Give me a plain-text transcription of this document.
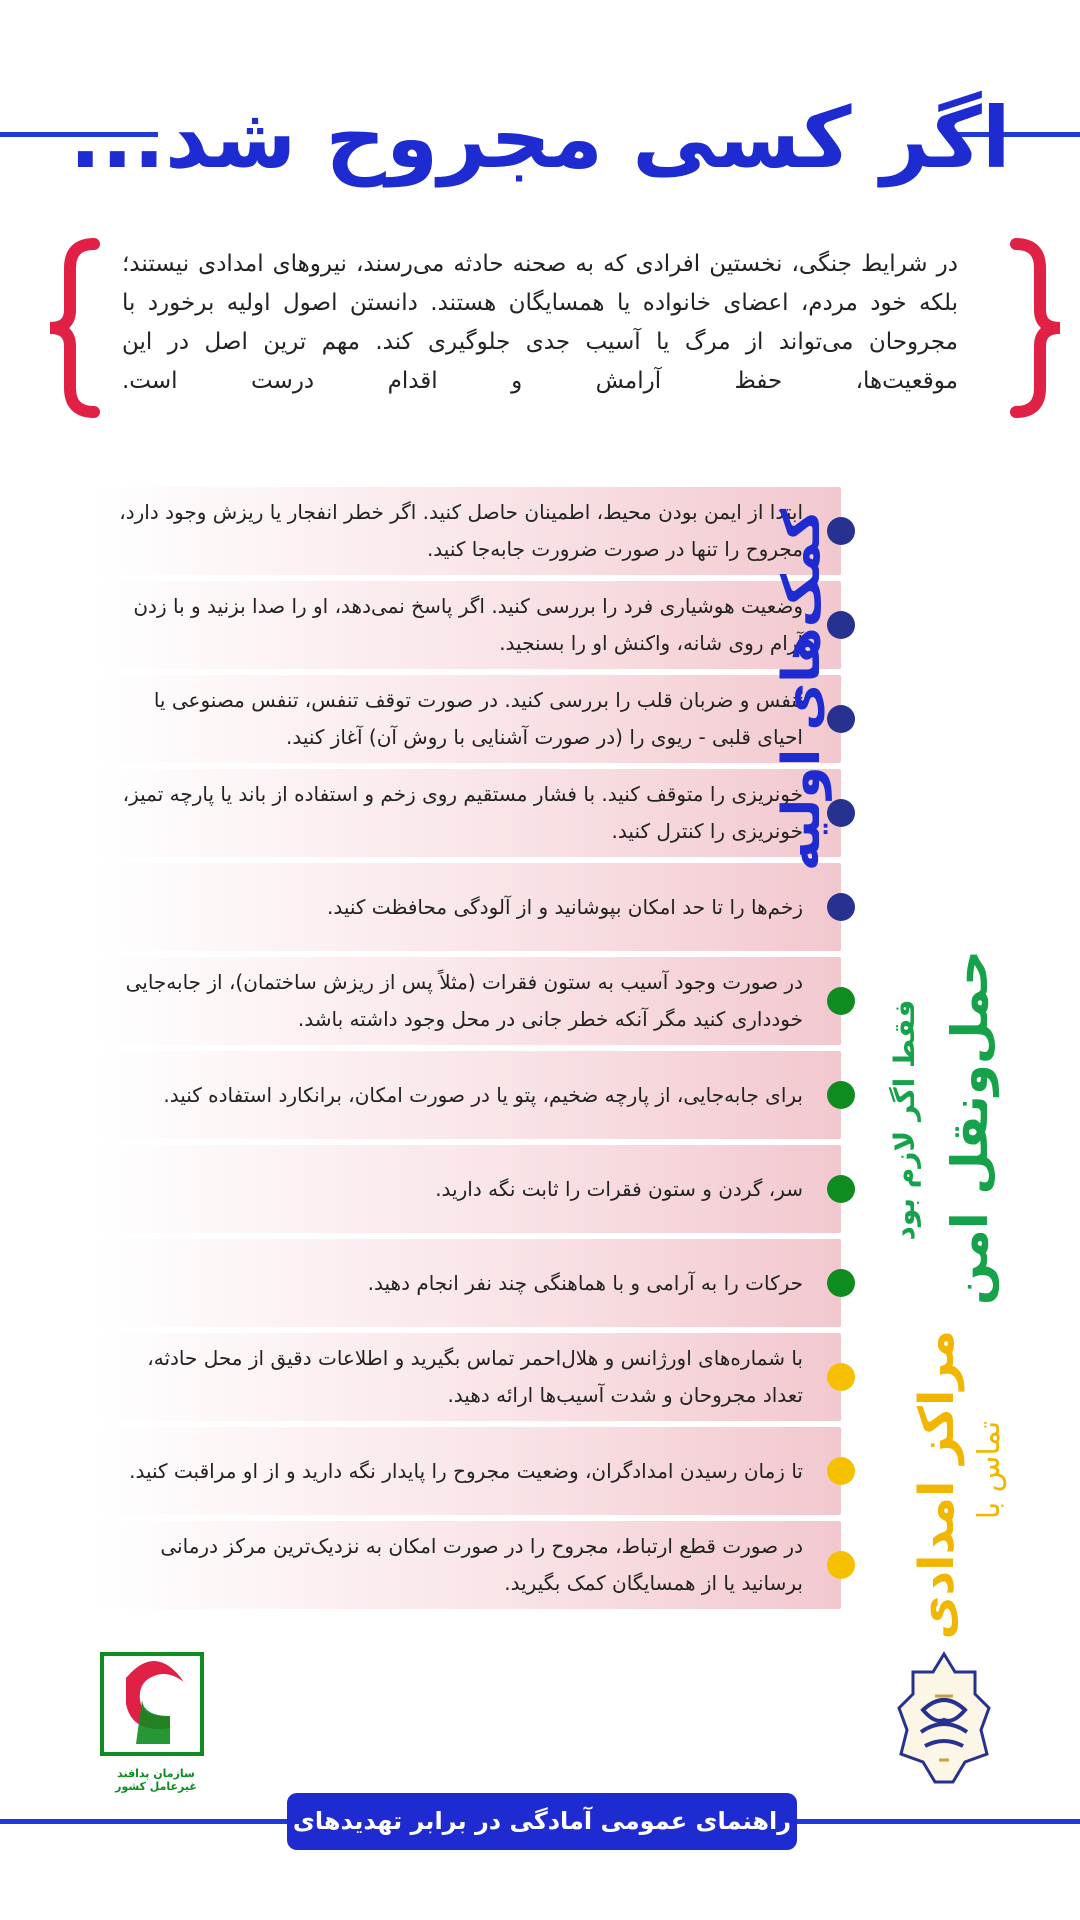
اگر کسی مجروح شد...
در شرایط جنگی، نخستین افرادی که به صحنه حادثه می‌رسند، نیروهای امدادی نیستند؛ بلکه خود مردم، اعضای خانواده یا همسایگان هستند. دانستن اصول اولیه برخورد با مجروحان می‌تواند از مرگ یا آسیب جدی جلوگیری کند. مهم ترین اصل در این موقعیت‌ها، حفظ آرامش و اقدام درست است.
ابتدا از ایمن بودن محیط، اطمینان حاصل کنید. اگر خطر انفجار یا ریزش وجود دارد، مجروح را تنها در صورت ضرورت جابه‌جا کنید.
وضعیت هوشیاری فرد را بررسی کنید. اگر پاسخ نمی‌دهد، او را صدا بزنید و با زدن آرام روی شانه، واکنش او را بسنجید.
تنفس و ضربان قلب را بررسی کنید. در صورت توقف تنفس، تنفس مصنوعی یا احیای قلبی - ریوی را (در صورت آشنایی با روش آن) آغاز کنید.
خونریزی را متوقف کنید. با فشار مستقیم روی زخم و استفاده از باند یا پارچه تمیز، خونریزی را کنترل کنید.
زخم‌ها را تا حد امکان بپوشانید و از آلودگی محافظت کنید.
در صورت وجود آسیب به ستون فقرات (مثلاً پس از ریزش ساختمان)، از جابه‌جایی خودداری کنید مگر آنکه خطر جانی در محل وجود داشته باشد.
برای جابه‌جایی، از پارچه ضخیم، پتو یا در صورت امکان، برانکارد استفاده کنید.
سر، گردن و ستون فقرات را ثابت نگه دارید.
حرکات را به آرامی و با هماهنگی چند نفر انجام دهید.
با شماره‌های اورژانس و هلال‌احمر تماس بگیرید و اطلاعات دقیق از محل حادثه، تعداد مجروحان و شدت آسیب‌ها ارائه دهید.
تا زمان رسیدن امدادگران، وضعیت مجروح را پایدار نگه دارید و از او مراقبت کنید.
در صورت قطع ارتباط، مجروح را در صورت امکان به نزدیک‌ترین مرکز درمانی برسانید یا از همسایگان کمک بگیرید.
کمک‌های اولیه
حمل‌ونقل امن
فقط اگر لازم بود
مراکز امدادی تماس با
سازمان پدافند غیرعامل کشور
راهنمای عمومی آمادگی در برابر تهدیدهای نظامی
